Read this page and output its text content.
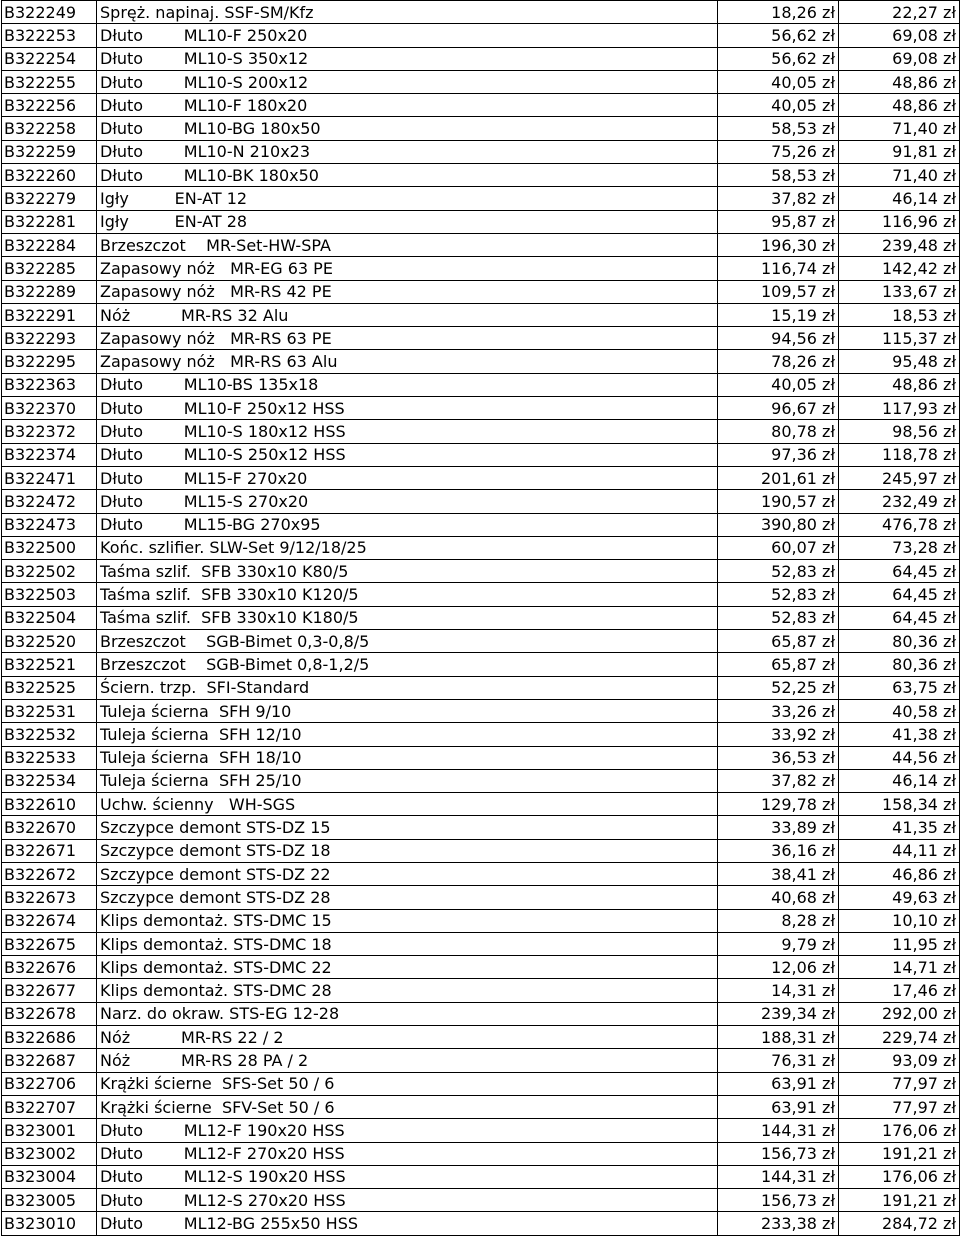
B322249	Spręż. napinaj. SSF-SM/Kfz	18,26 zł	22,27 zł
B322253	Dłuto        ML10-F 250x20	56,62 zł	69,08 zł
B322254	Dłuto        ML10-S 350x12	56,62 zł	69,08 zł
B322255	Dłuto        ML10-S 200x12	40,05 zł	48,86 zł
B322256	Dłuto        ML10-F 180x20	40,05 zł	48,86 zł
B322258	Dłuto        ML10-BG 180x50	58,53 zł	71,40 zł
B322259	Dłuto        ML10-N 210x23	75,26 zł	91,81 zł
B322260	Dłuto        ML10-BK 180x50	58,53 zł	71,40 zł
B322279	Igły         EN-AT 12	37,82 zł	46,14 zł
B322281	Igły         EN-AT 28	95,87 zł	116,96 zł
B322284	Brzeszczot    MR-Set-HW-SPA	196,30 zł	239,48 zł
B322285	Zapasowy nóż   MR-EG 63 PE	116,74 zł	142,42 zł
B322289	Zapasowy nóż   MR-RS 42 PE	109,57 zł	133,67 zł
B322291	Nóż          MR-RS 32 Alu	15,19 zł	18,53 zł
B322293	Zapasowy nóż   MR-RS 63 PE	94,56 zł	115,37 zł
B322295	Zapasowy nóż   MR-RS 63 Alu	78,26 zł	95,48 zł
B322363	Dłuto        ML10-BS 135x18	40,05 zł	48,86 zł
B322370	Dłuto        ML10-F 250x12 HSS	96,67 zł	117,93 zł
B322372	Dłuto        ML10-S 180x12 HSS	80,78 zł	98,56 zł
B322374	Dłuto        ML10-S 250x12 HSS	97,36 zł	118,78 zł
B322471	Dłuto        ML15-F 270x20	201,61 zł	245,97 zł
B322472	Dłuto        ML15-S 270x20	190,57 zł	232,49 zł
B322473	Dłuto        ML15-BG 270x95	390,80 zł	476,78 zł
B322500	Końc. szlifier. SLW-Set 9/12/18/25	60,07 zł	73,28 zł
B322502	Taśma szlif.  SFB 330x10 K80/5	52,83 zł	64,45 zł
B322503	Taśma szlif.  SFB 330x10 K120/5	52,83 zł	64,45 zł
B322504	Taśma szlif.  SFB 330x10 K180/5	52,83 zł	64,45 zł
B322520	Brzeszczot    SGB-Bimet 0,3-0,8/5	65,87 zł	80,36 zł
B322521	Brzeszczot    SGB-Bimet 0,8-1,2/5	65,87 zł	80,36 zł
B322525	Ściern. trzp.  SFI-Standard	52,25 zł	63,75 zł
B322531	Tuleja ścierna  SFH 9/10	33,26 zł	40,58 zł
B322532	Tuleja ścierna  SFH 12/10	33,92 zł	41,38 zł
B322533	Tuleja ścierna  SFH 18/10	36,53 zł	44,56 zł
B322534	Tuleja ścierna  SFH 25/10	37,82 zł	46,14 zł
B322610	Uchw. ścienny   WH-SGS	129,78 zł	158,34 zł
B322670	Szczypce demont STS-DZ 15	33,89 zł	41,35 zł
B322671	Szczypce demont STS-DZ 18	36,16 zł	44,11 zł
B322672	Szczypce demont STS-DZ 22	38,41 zł	46,86 zł
B322673	Szczypce demont STS-DZ 28	40,68 zł	49,63 zł
B322674	Klips demontaż. STS-DMC 15	8,28 zł	10,10 zł
B322675	Klips demontaż. STS-DMC 18	9,79 zł	11,95 zł
B322676	Klips demontaż. STS-DMC 22	12,06 zł	14,71 zł
B322677	Klips demontaż. STS-DMC 28	14,31 zł	17,46 zł
B322678	Narz. do okraw. STS-EG 12-28	239,34 zł	292,00 zł
B322686	Nóż          MR-RS 22 / 2	188,31 zł	229,74 zł
B322687	Nóż          MR-RS 28 PA / 2	76,31 zł	93,09 zł
B322706	Krążki ścierne  SFS-Set 50 / 6	63,91 zł	77,97 zł
B322707	Krążki ścierne  SFV-Set 50 / 6	63,91 zł	77,97 zł
B323001	Dłuto        ML12-F 190x20 HSS	144,31 zł	176,06 zł
B323002	Dłuto        ML12-F 270x20 HSS	156,73 zł	191,21 zł
B323004	Dłuto        ML12-S 190x20 HSS	144,31 zł	176,06 zł
B323005	Dłuto        ML12-S 270x20 HSS	156,73 zł	191,21 zł
B323010	Dłuto        ML12-BG 255x50 HSS	233,38 zł	284,72 zł
